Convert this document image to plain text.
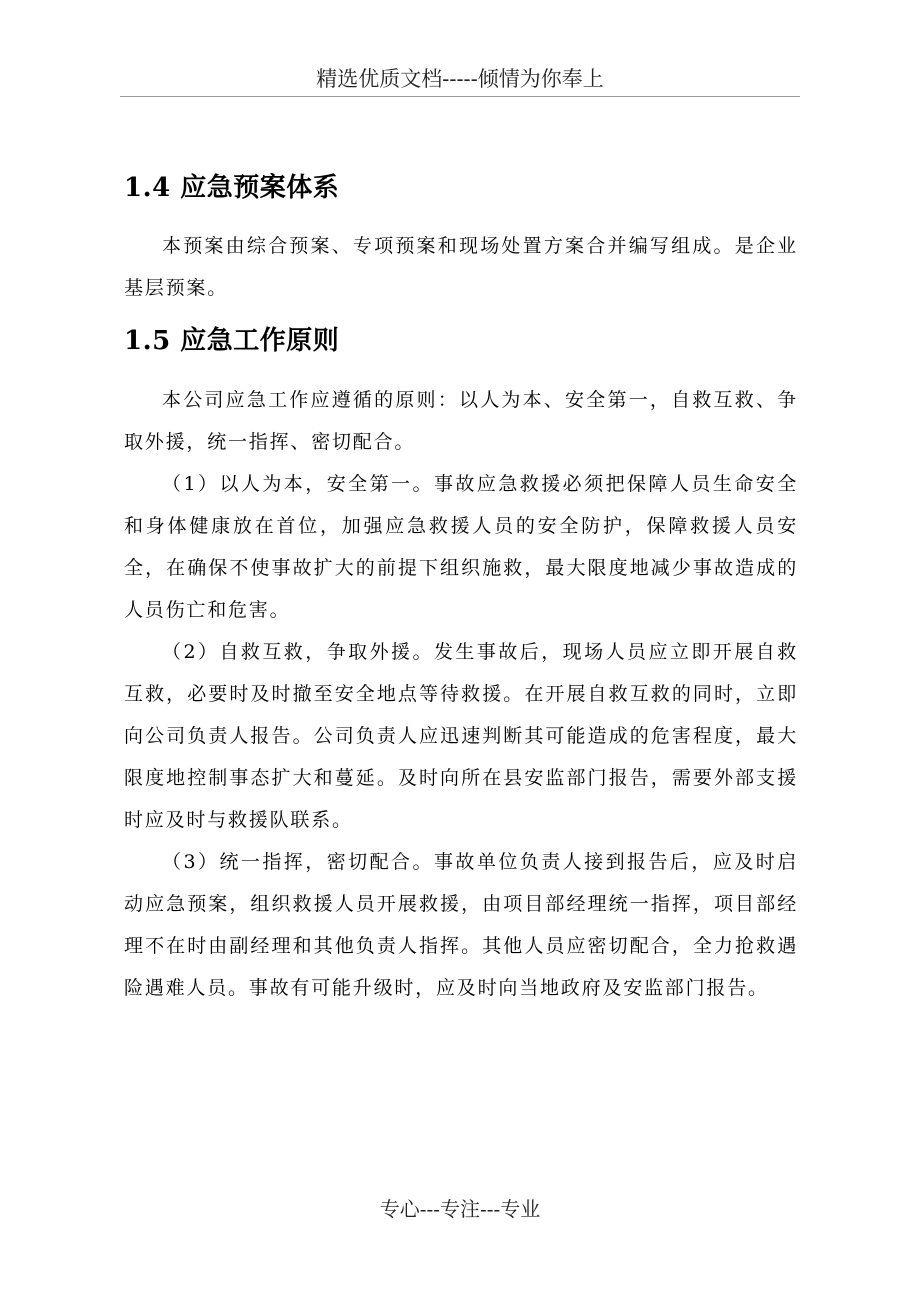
精选优质文档-----倾情为你奉上
1.4 应急预案体系

本预案由综合预案、专项预案和现场处置方案合并编写组成。是企业基层预案。

1.5 应急工作原则

本公司应急工作应遵循的原则：以人为本、安全第一，自救互救、争取外援，统一指挥、密切配合。

（1）以人为本，安全第一。事故应急救援必须把保障人员生命安全和身体健康放在首位，加强应急救援人员的安全防护，保障救援人员安全，在确保不使事故扩大的前提下组织施救，最大限度地减少事故造成的人员伤亡和危害。

（2）自救互救，争取外援。发生事故后，现场人员应立即开展自救互救，必要时及时撤至安全地点等待救援。在开展自救互救的同时，立即向公司负责人报告。公司负责人应迅速判断其可能造成的危害程度，最大限度地控制事态扩大和蔓延。及时向所在县安监部门报告，需要外部支援时应及时与救援队联系。

（3）统一指挥，密切配合。事故单位负责人接到报告后，应及时启动应急预案，组织救援人员开展救援，由项目部经理统一指挥，项目部经理不在时由副经理和其他负责人指挥。其他人员应密切配合，全力抢救遇险遇难人员。事故有可能升级时，应及时向当地政府及安监部门报告。

专心---专注---专业
